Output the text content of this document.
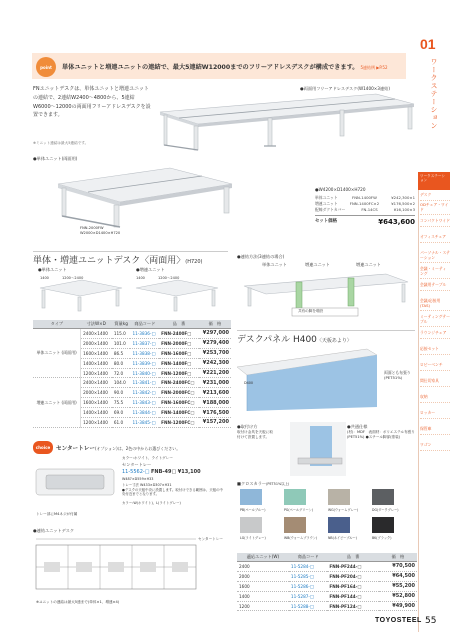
point	単体ユニットと増連ユニットの連結で、最大5連結W12000までのフリーアドレスデスクが構成できます。 5連結例 ▶P.52
01
ワークステーション
ワークステーション
デスク
ODチェア・ワイド
コンパクトワイド
オフィスチェア
パーソナル・ステーション
会議・ミーティング
会議用テーブル
会議/応接用(TAS)
ミーティングテーブル
ラウンジチェア
応接セット
ロビーベンチ
間仕切家具
収納
ロッカー
保管庫
ワゴン
FNユニットデスクは、単体ユニットと増連ユニットの連結で、2連結W2400〜4800から、5連結W6000〜12000の両面用フリーアドレスデスクを設置できます。
※ミニット連結は最大5連結です。
●両面用フリーアドレスデスク(W1400×3連結)
●単体ユニット(両面用)
FNN-2000FW
W2000×D1400×H720
●W4200×D1400×H720
単体ユニット	FNN-1400FW	¥242,300×1
増連ユニット	FNN-1400FC×2	¥176,500×2
配線ダクトカバー	FN-14CS	¥16,100×3
セット価格	¥643,600
単体・増連ユニットデスク〈両面用〉(H720)
●単体ユニット	●増連ユニット
1400	1200〜2400	1400	1200〜2400
タイプ	寸法W×D	質量kg	商品コード	品　番	価　格
単体ユニット (両面用)	2400×1400	115.0	11-3836-□	FNN-2400F□	¥297,000
	2000×1400	101.0	11-3837-□	FNN-2000F□	¥279,400
	1600×1400	86.5	11-3838-□	FNN-1600F□	¥253,700
	1400×1400	80.0	11-3839-□	FNN-1400F□	¥242,300
	1200×1400	72.0	11-3840-□	FNN-1200F□	¥221,200
増連ユニット (両面用)	2400×1400	104.0	11-3841-□	FNN-2400FC□	¥231,000
	2000×1400	90.0	11-3842-□	FNN-2000FC□	¥213,600
	1600×1400	75.5	11-3843-□	FNN-1600FC□	¥188,000
	1400×1400	69.0	11-3844-□	FNN-1400FC□	¥176,500
	1200×1400	61.0	11-3845-□	FNN-1200FC□	¥157,200
●連結方法(3連結の場合)
単体ユニット	増連ユニット	増連ユニット
共有の脚を増設
デスクパネル H400〈天板あより〉
D400
両面とも布張り(PET51%)
●取付け方
取付け金具を天板に取付けて設置します。
●共通仕様
(材)：MDF　表面材：ポリエステル布張り(PET51%) ●スチール脚部(塗装)
■クロスカラー(PET51%以上)
PB(ペールブルー)	PG(ペールグリーン)	WG(ウォームグレー)	DG(ダークグレー)
LG(ライトグレー)	WB(ウォームブラウン)	NB(ネイビーブルー)	BK(ブラック)
適応ユニット(W)	商品コード	品　番	価　格
2400	11-5284-□	FNN-PF244-□	¥70,500
2000	11-5285-□	FNN-PF204-□	¥64,500
1600	11-5286-□	FNN-PF164-□	¥55,200
1400	11-5287-□	FNN-PF144-□	¥52,800
1200	11-5288-□	FNN-PF124-□	¥49,900
choice	センタートレー(オプション)は、2色の中からお選びください。
トレー部にM4ネジが付属
カラー:ホワイト、ライトグレー
センタートレー
11-5562-□ FNB-49□ ¥13,100
W487×D559×H33
トレー寸法 W433×D307×H31
●デスクの天板中央に設置します。取付けできる範囲は、天板の中央付近までとなります。
カラー:W(ホワイト)、L(ライトグレー)
●連結ユニットデスク
センタートレー
※ユニットの連結は最大5連まで(単体×1、増連×4)
TOYOSTEEL 55
